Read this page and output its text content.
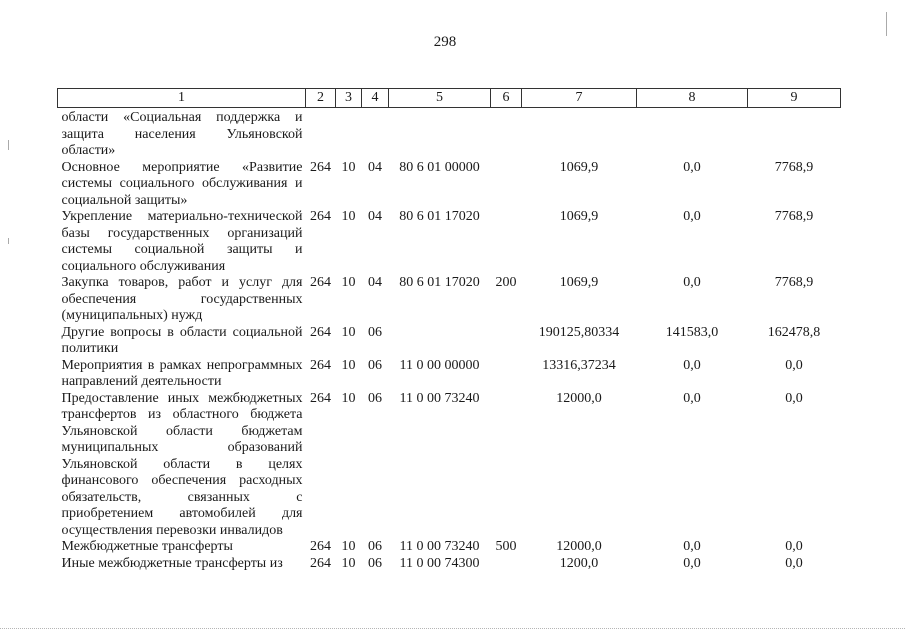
298
1	2	3	4	5	6	7	8	9

области «Социальная поддержка и защита населения Ульяновской области»								
Основное мероприятие «Развитие системы социального обслуживания и социальной защиты»	264	10	04	80 6 01 00000		1069,9	0,0	7768,9
Укрепление материально-технической базы государственных организаций системы социальной защиты и социального обслуживания	264	10	04	80 6 01 17020		1069,9	0,0	7768,9
Закупка товаров, работ и услуг для обеспечения государственных (муниципальных) нужд	264	10	04	80 6 01 17020	200	1069,9	0,0	7768,9
Другие вопросы в области социальной политики	264	10	06			190125,80334	141583,0	162478,8
Мероприятия в рамках непрограммных направлений деятельности	264	10	06	11 0 00 00000		13316,37234	0,0	0,0
Предоставление иных межбюджетных трансфертов из областного бюджета Ульяновской области бюджетам муниципальных образований Ульяновской области в целях финансового обеспечения расходных обязательств, связанных с приобретением автомобилей для осуществления перевозки инвалидов	264	10	06	11 0 00 73240		12000,0	0,0	0,0
Межбюджетные трансферты	264	10	06	11 0 00 73240	500	12000,0	0,0	0,0
Иные межбюджетные трансферты из	264	10	06	11 0 00 74300		1200,0	0,0	0,0
